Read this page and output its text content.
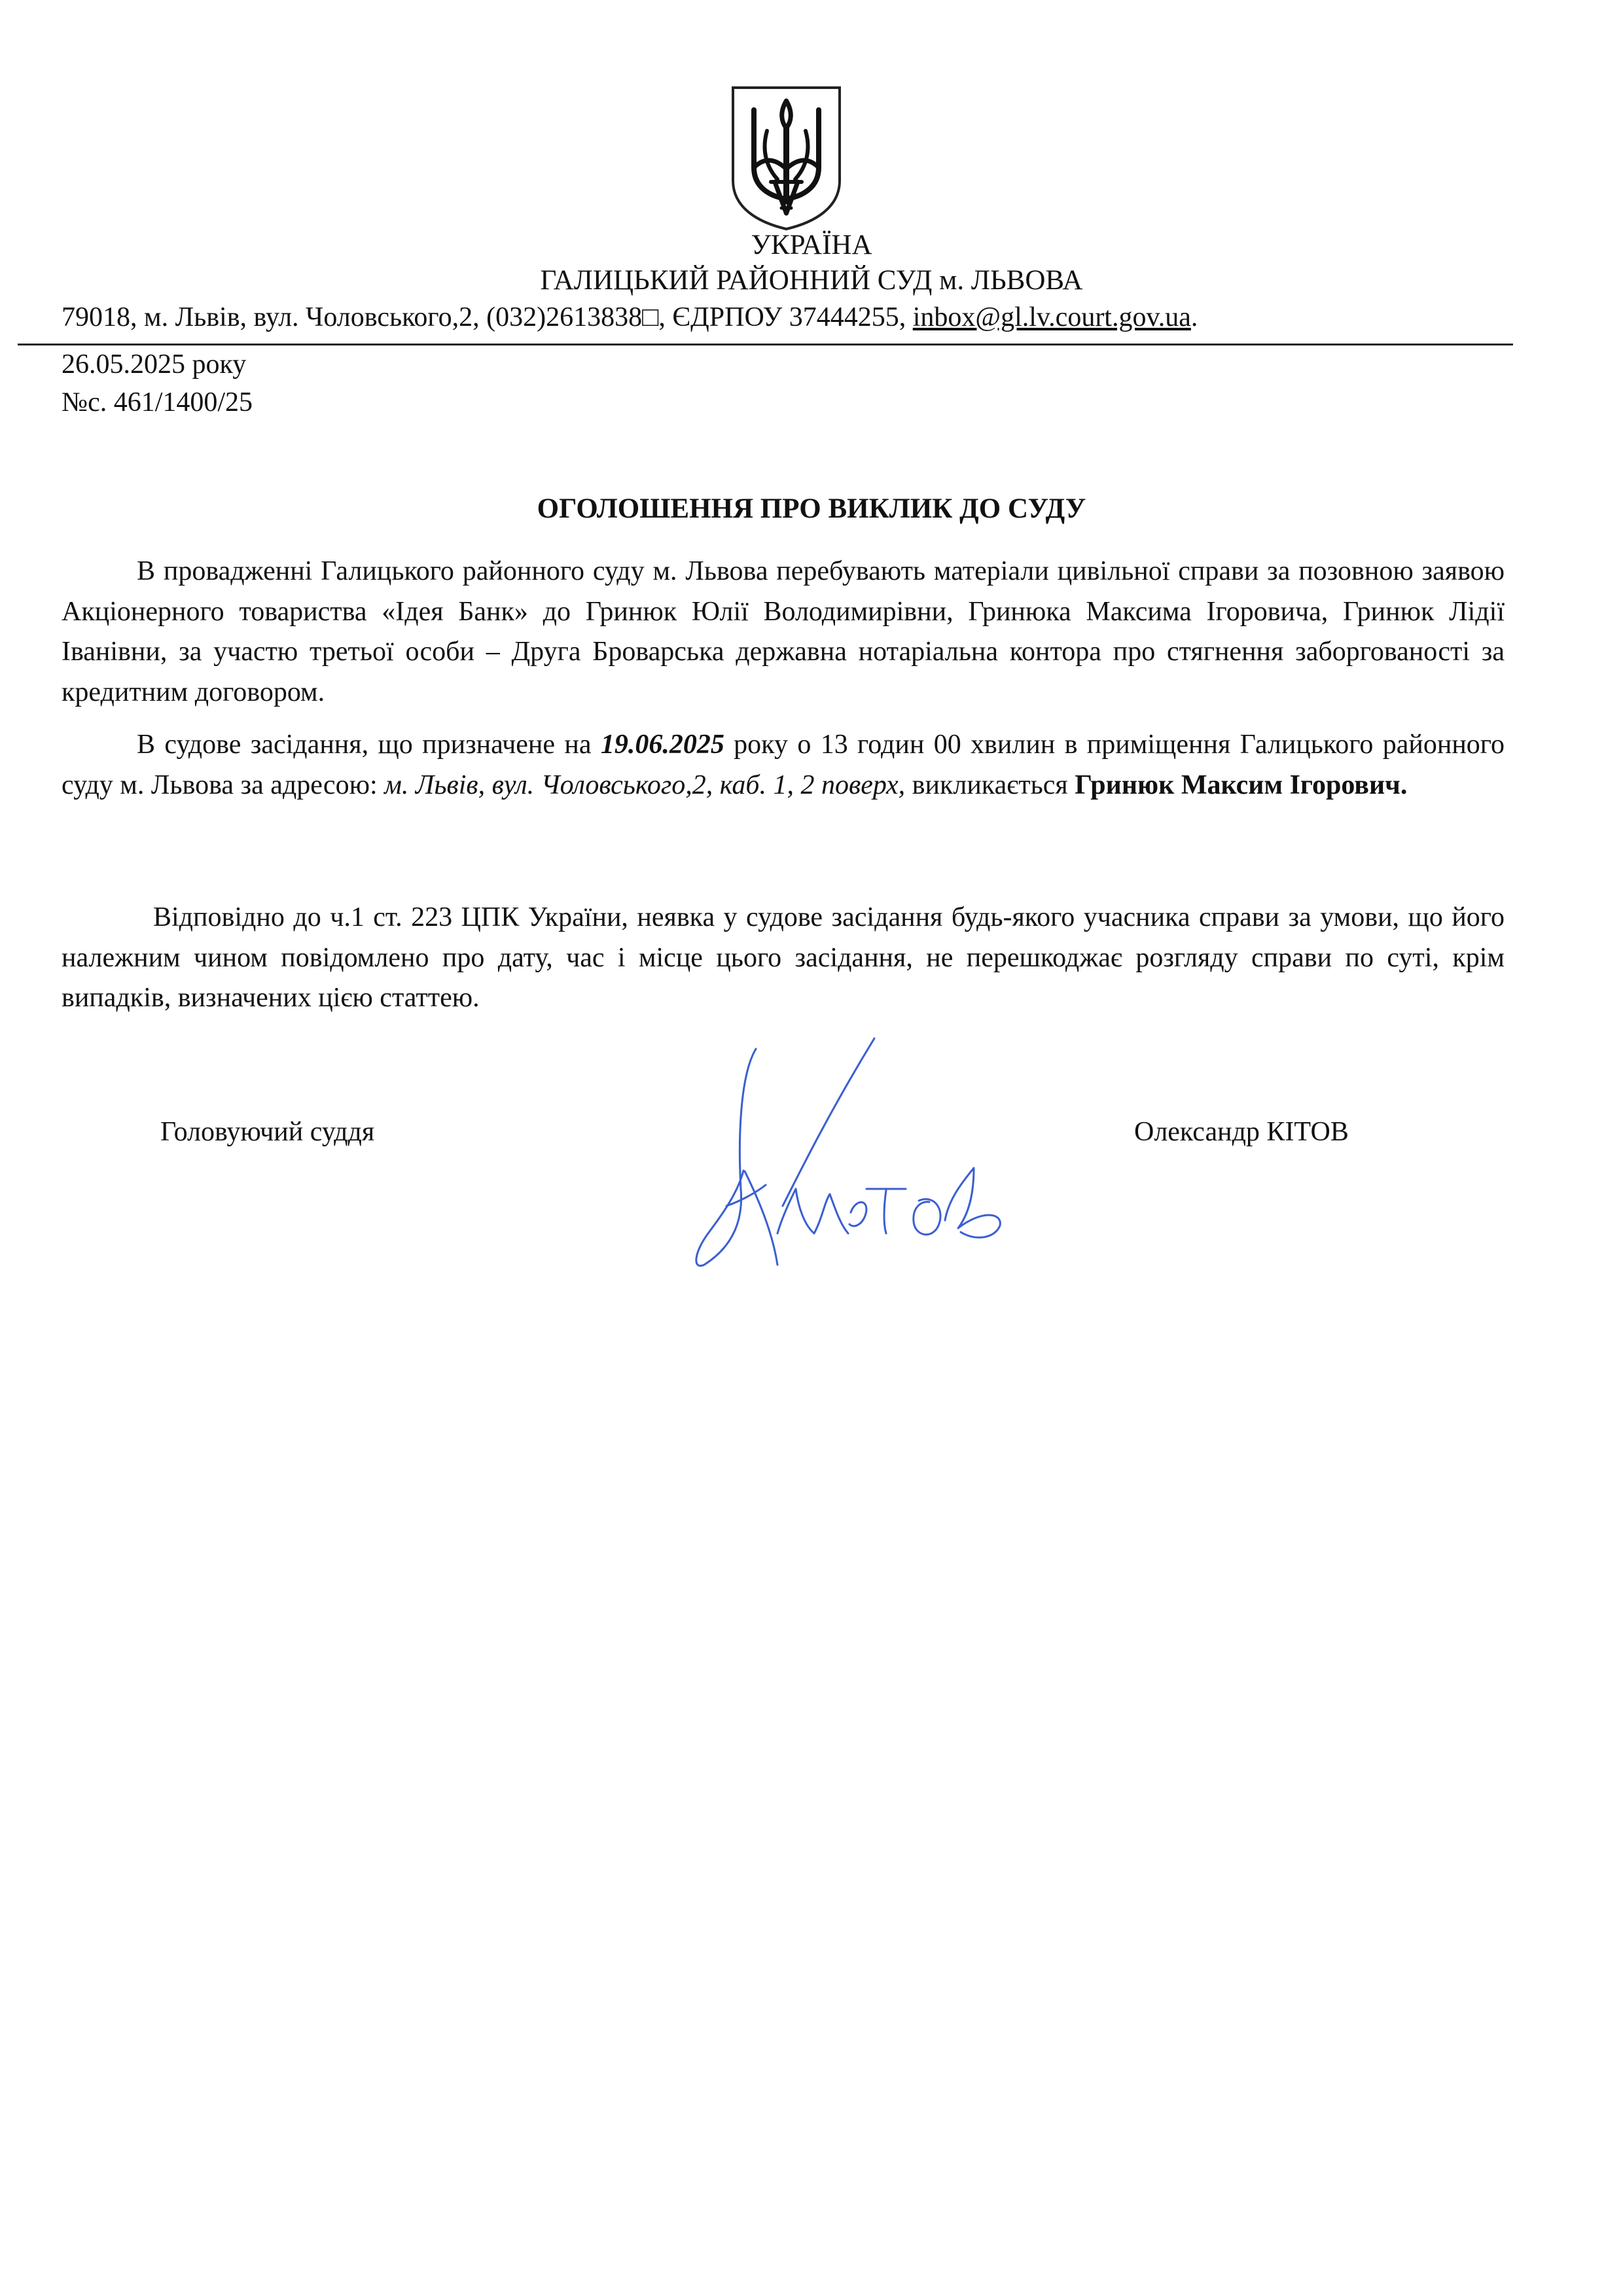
УКРАЇНА
ГАЛИЦЬКИЙ РАЙОННИЙ СУД м. ЛЬВОВА
79018, м. Львів, вул. Чоловського,2, (032)2613838□, ЄДРПОУ 37444255, inbox@gl.lv.court.gov.ua.
26.05.2025 року
№с. 461/1400/25
ОГОЛОШЕННЯ ПРО ВИКЛИК ДО СУДУ
В провадженні Галицького районного суду м. Львова перебувають матеріали цивільної справи за позовною заявою Акціонерного товариства «Ідея Банк» до Гринюк Юлії Володимирівни, Гринюка Максима Ігоровича, Гринюк Лідії Іванівни, за участю третьої особи – Друга Броварська державна нотаріальна контора про стягнення заборгованості за кредитним договором.
В судове засідання, що призначене на 19.06.2025 року о 13 годин 00 хвилин в приміщення Галицького районного суду м. Львова за адресою: м. Львів, вул. Чоловського,2, каб. 1, 2 поверх, викликається Гринюк Максим Ігорович.
Відповідно до ч.1 ст. 223 ЦПК України, неявка у судове засідання будь-якого учасника справи за умови, що його належним чином повідомлено про дату, час і місце цього засідання, не перешкоджає розгляду справи по суті, крім випадків, визначених цією статтею.
Головуючий суддя	Олександр КІТОВ
